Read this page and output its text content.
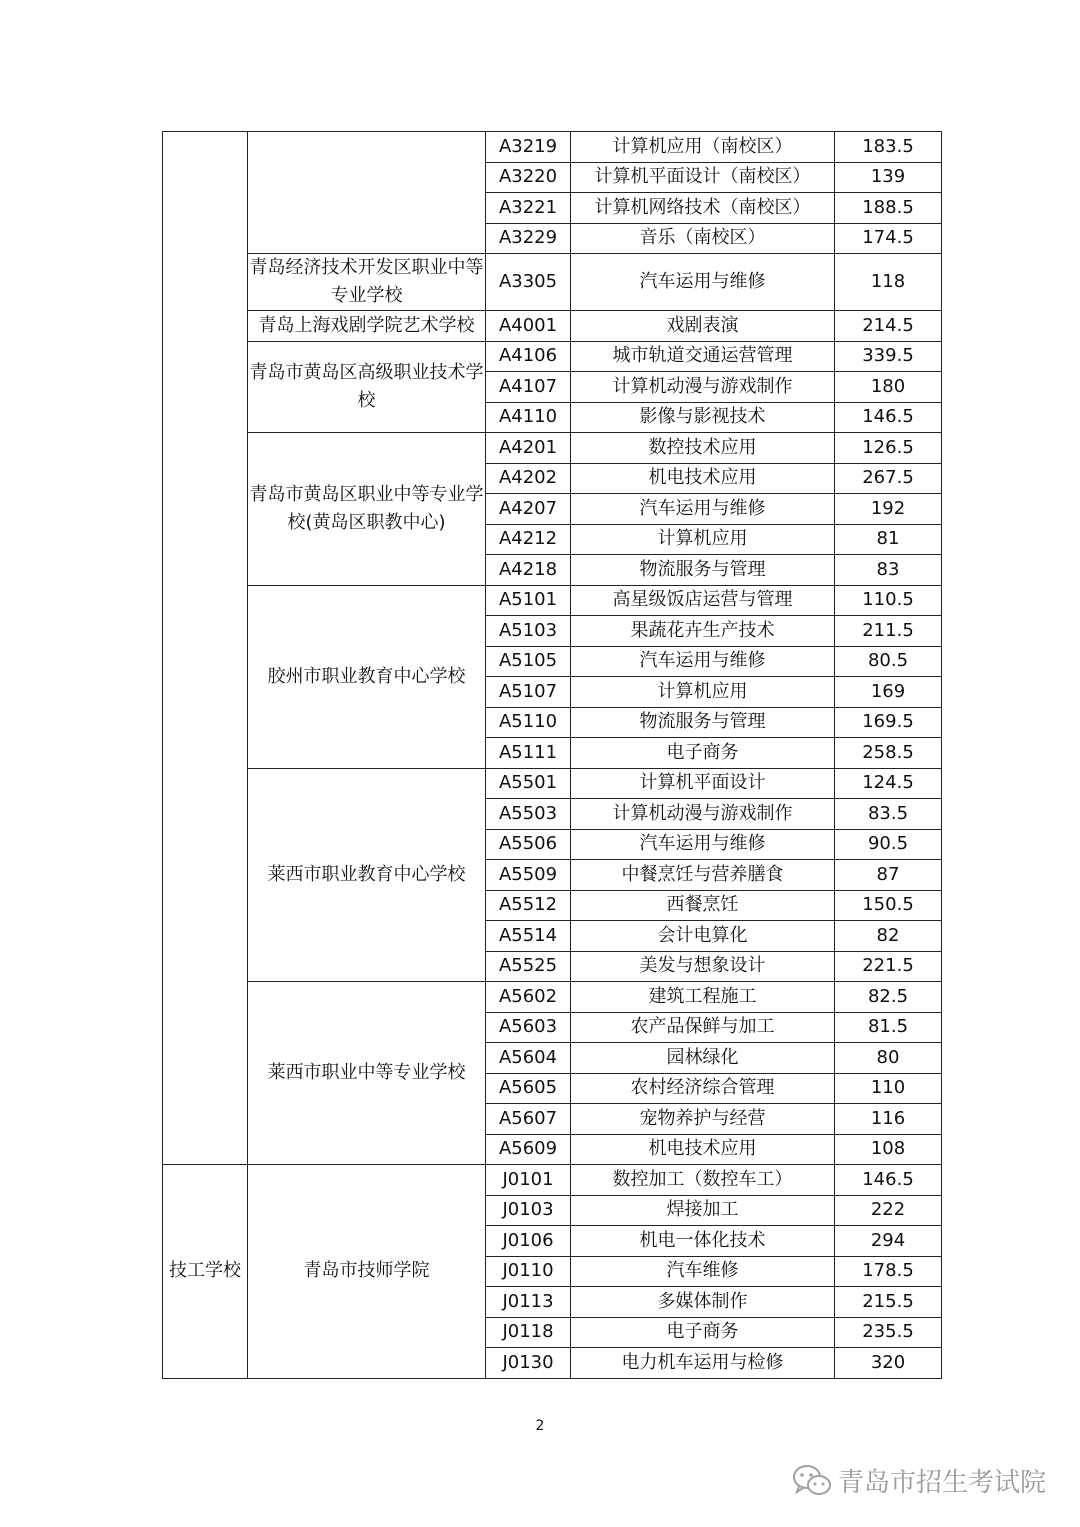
		A3219	计算机应用（南校区）	183.5
		A3220	计算机平面设计（南校区）	139
		A3221	计算机网络技术（南校区）	188.5
		A3229	音乐（南校区）	174.5
	青岛经济技术开发区职业中等专业学校	A3305	汽车运用与维修	118
	青岛上海戏剧学院艺术学校	A4001	戏剧表演	214.5
	青岛市黄岛区高级职业技术学校	A4106	城市轨道交通运营管理	339.5
		A4107	计算机动漫与游戏制作	180
		A4110	影像与影视技术	146.5
	青岛市黄岛区职业中等专业学校(黄岛区职教中心)	A4201	数控技术应用	126.5
		A4202	机电技术应用	267.5
		A4207	汽车运用与维修	192
		A4212	计算机应用	81
		A4218	物流服务与管理	83
	胶州市职业教育中心学校	A5101	高星级饭店运营与管理	110.5
		A5103	果蔬花卉生产技术	211.5
		A5105	汽车运用与维修	80.5
		A5107	计算机应用	169
		A5110	物流服务与管理	169.5
		A5111	电子商务	258.5
	莱西市职业教育中心学校	A5501	计算机平面设计	124.5
		A5503	计算机动漫与游戏制作	83.5
		A5506	汽车运用与维修	90.5
		A5509	中餐烹饪与营养膳食	87
		A5512	西餐烹饪	150.5
		A5514	会计电算化	82
		A5525	美发与想象设计	221.5
	莱西市职业中等专业学校	A5602	建筑工程施工	82.5
		A5603	农产品保鲜与加工	81.5
		A5604	园林绿化	80
		A5605	农村经济综合管理	110
		A5607	宠物养护与经营	116
		A5609	机电技术应用	108
技工学校	青岛市技师学院	J0101	数控加工（数控车工）	146.5
		J0103	焊接加工	222
		J0106	机电一体化技术	294
		J0110	汽车维修	178.5
		J0113	多媒体制作	215.5
		J0118	电子商务	235.5
		J0130	电力机车运用与检修	320
2
青岛市招生考试院
